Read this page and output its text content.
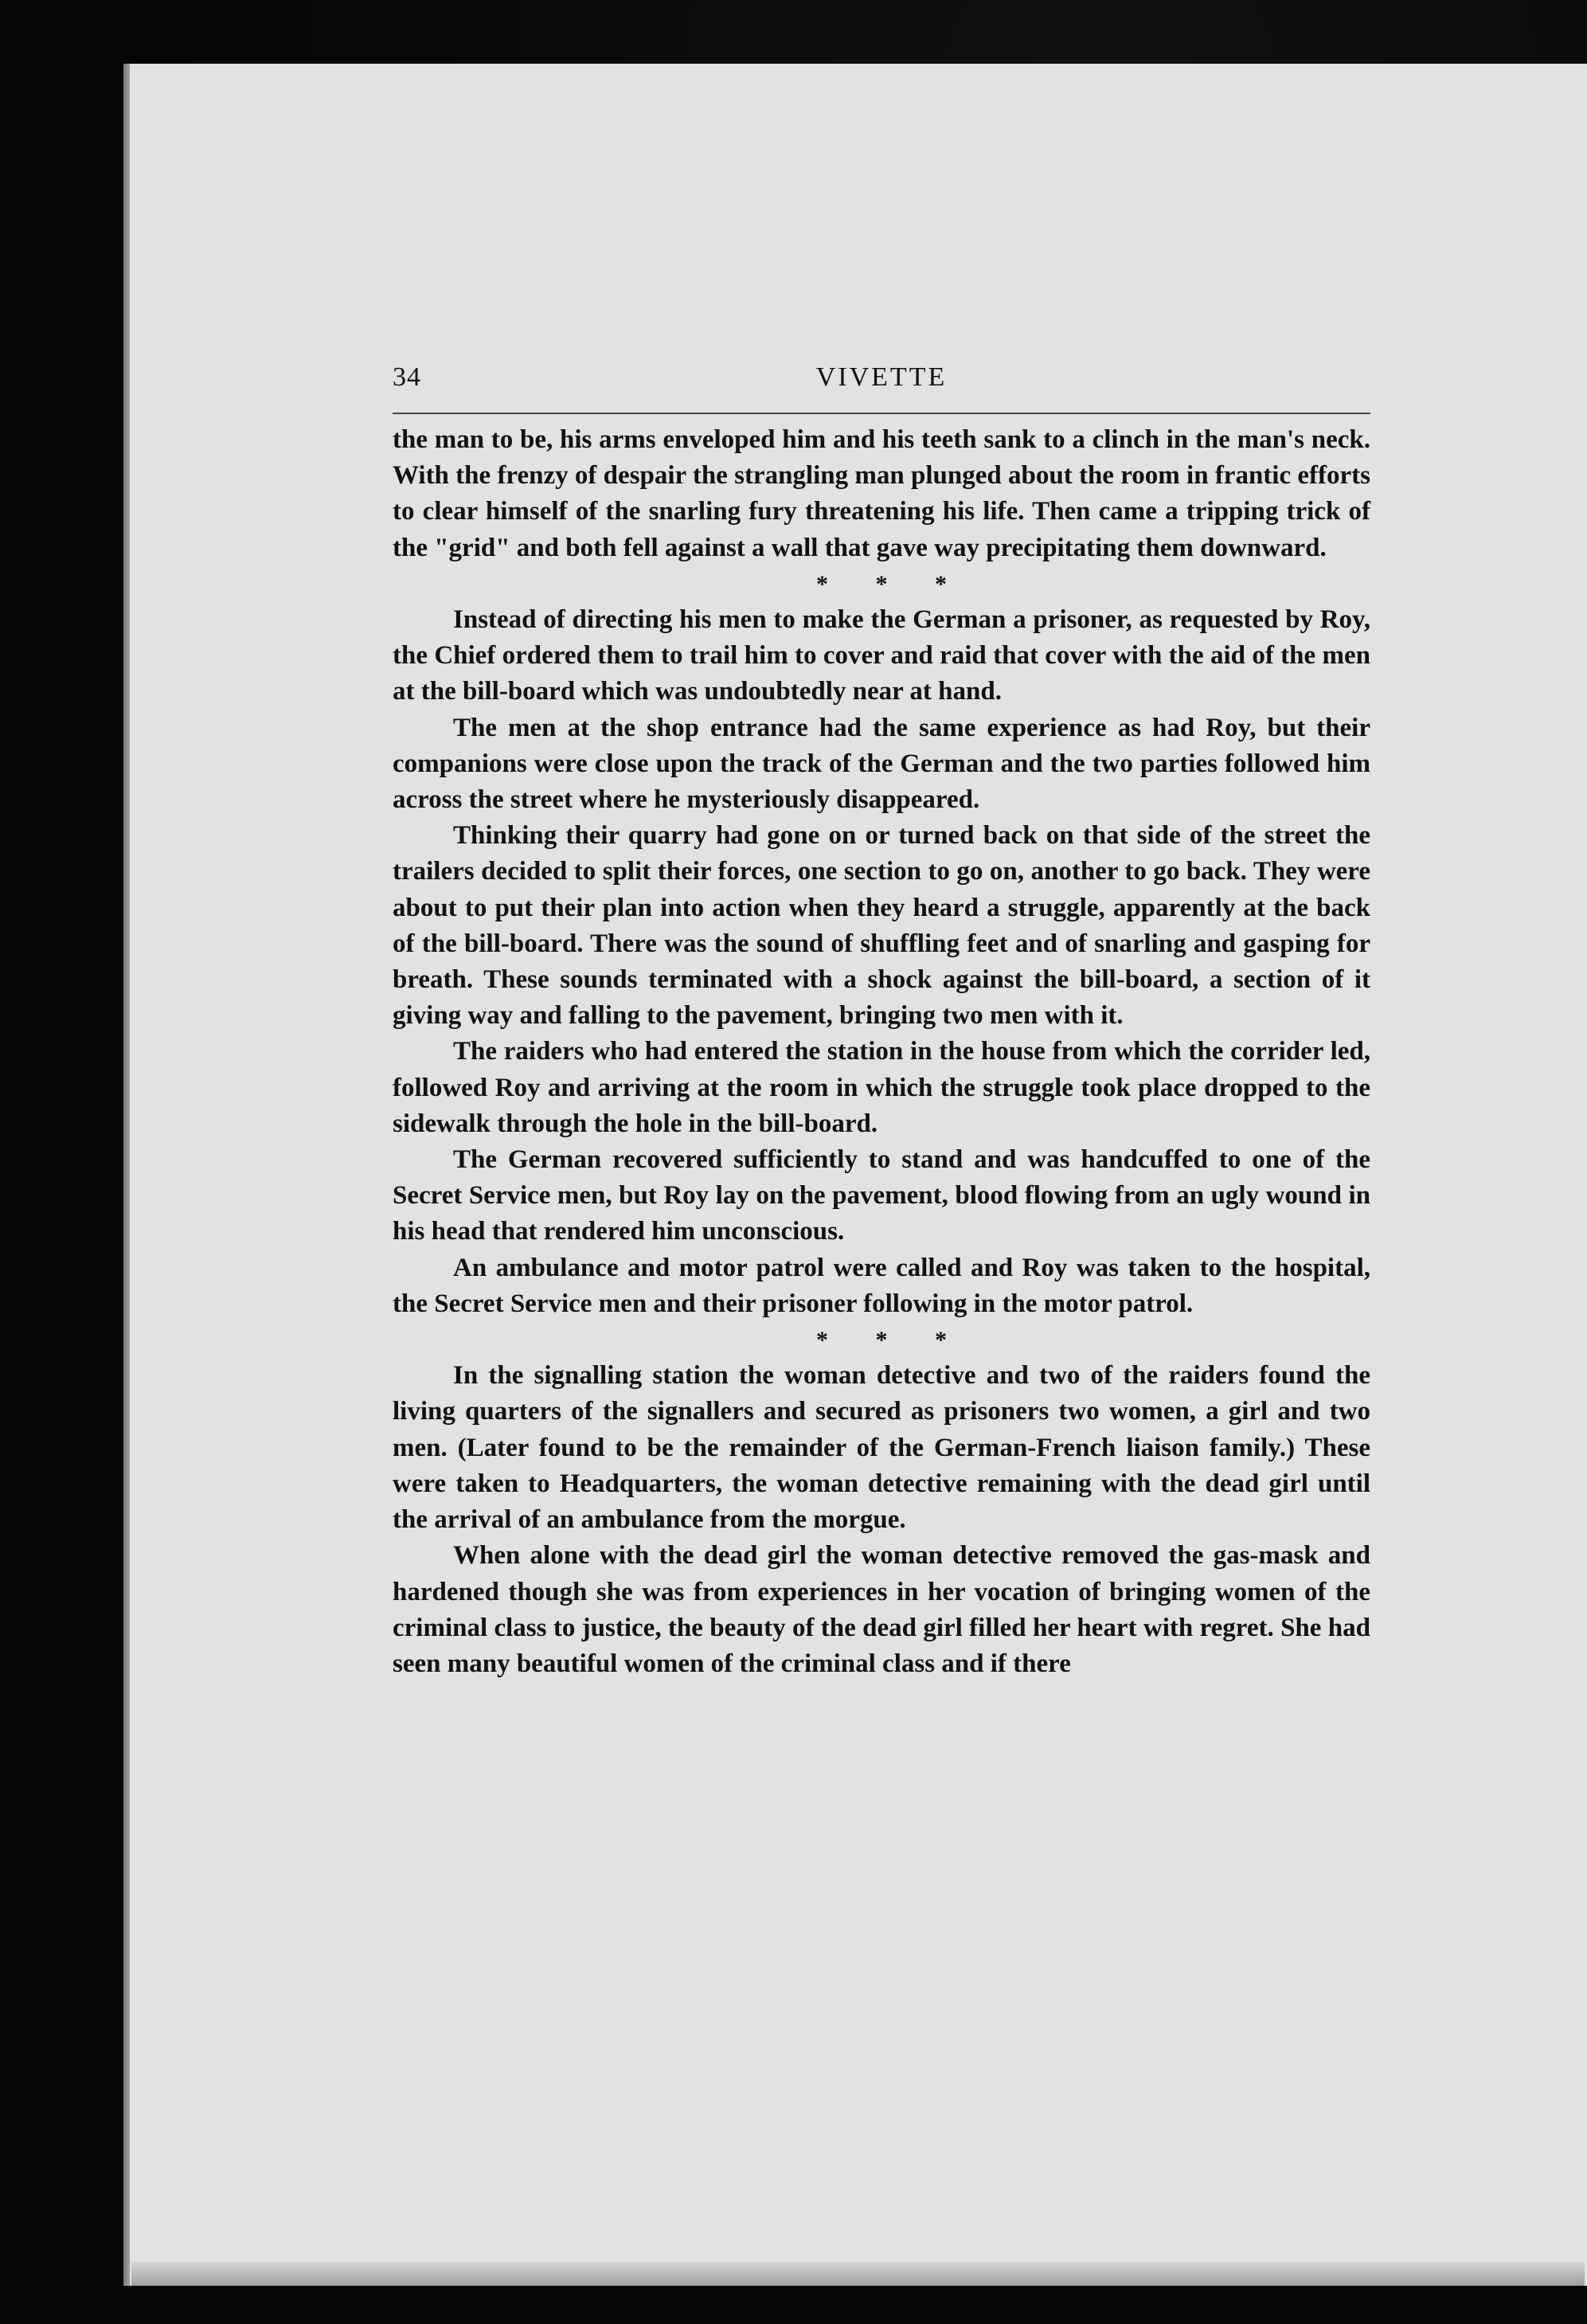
34	VIVETTE

the man to be, his arms enveloped him and his teeth sank to a clinch in the man's neck. With the frenzy of despair the strangling man plunged about the room in frantic efforts to clear himself of the snarling fury threatening his life. Then came a tripping trick of the "grid" and both fell against a wall that gave way precipitating them downward.

* * *

Instead of directing his men to make the German a prisoner, as requested by Roy, the Chief ordered them to trail him to cover and raid that cover with the aid of the men at the bill-board which was undoubtedly near at hand.

The men at the shop entrance had the same experience as had Roy, but their companions were close upon the track of the German and the two parties followed him across the street where he mysteriously disappeared.

Thinking their quarry had gone on or turned back on that side of the street the trailers decided to split their forces, one section to go on, another to go back. They were about to put their plan into action when they heard a struggle, apparently at the back of the bill-board. There was the sound of shuffling feet and of snarling and gasping for breath. These sounds terminated with a shock against the bill-board, a section of it giving way and falling to the pavement, bringing two men with it.

The raiders who had entered the station in the house from which the corrider led, followed Roy and arriving at the room in which the struggle took place dropped to the sidewalk through the hole in the bill-board.

The German recovered sufficiently to stand and was handcuffed to one of the Secret Service men, but Roy lay on the pavement, blood flowing from an ugly wound in his head that rendered him unconscious.

An ambulance and motor patrol were called and Roy was taken to the hospital, the Secret Service men and their prisoner following in the motor patrol.

* * *

In the signalling station the woman detective and two of the raiders found the living quarters of the signallers and secured as prisoners two women, a girl and two men. (Later found to be the remainder of the German-French liaison family.) These were taken to Headquarters, the woman detective remaining with the dead girl until the arrival of an ambulance from the morgue.

When alone with the dead girl the woman detective removed the gas-mask and hardened though she was from experiences in her vocation of bringing women of the criminal class to justice, the beauty of the dead girl filled her heart with regret. She had seen many beautiful women of the criminal class and if there
